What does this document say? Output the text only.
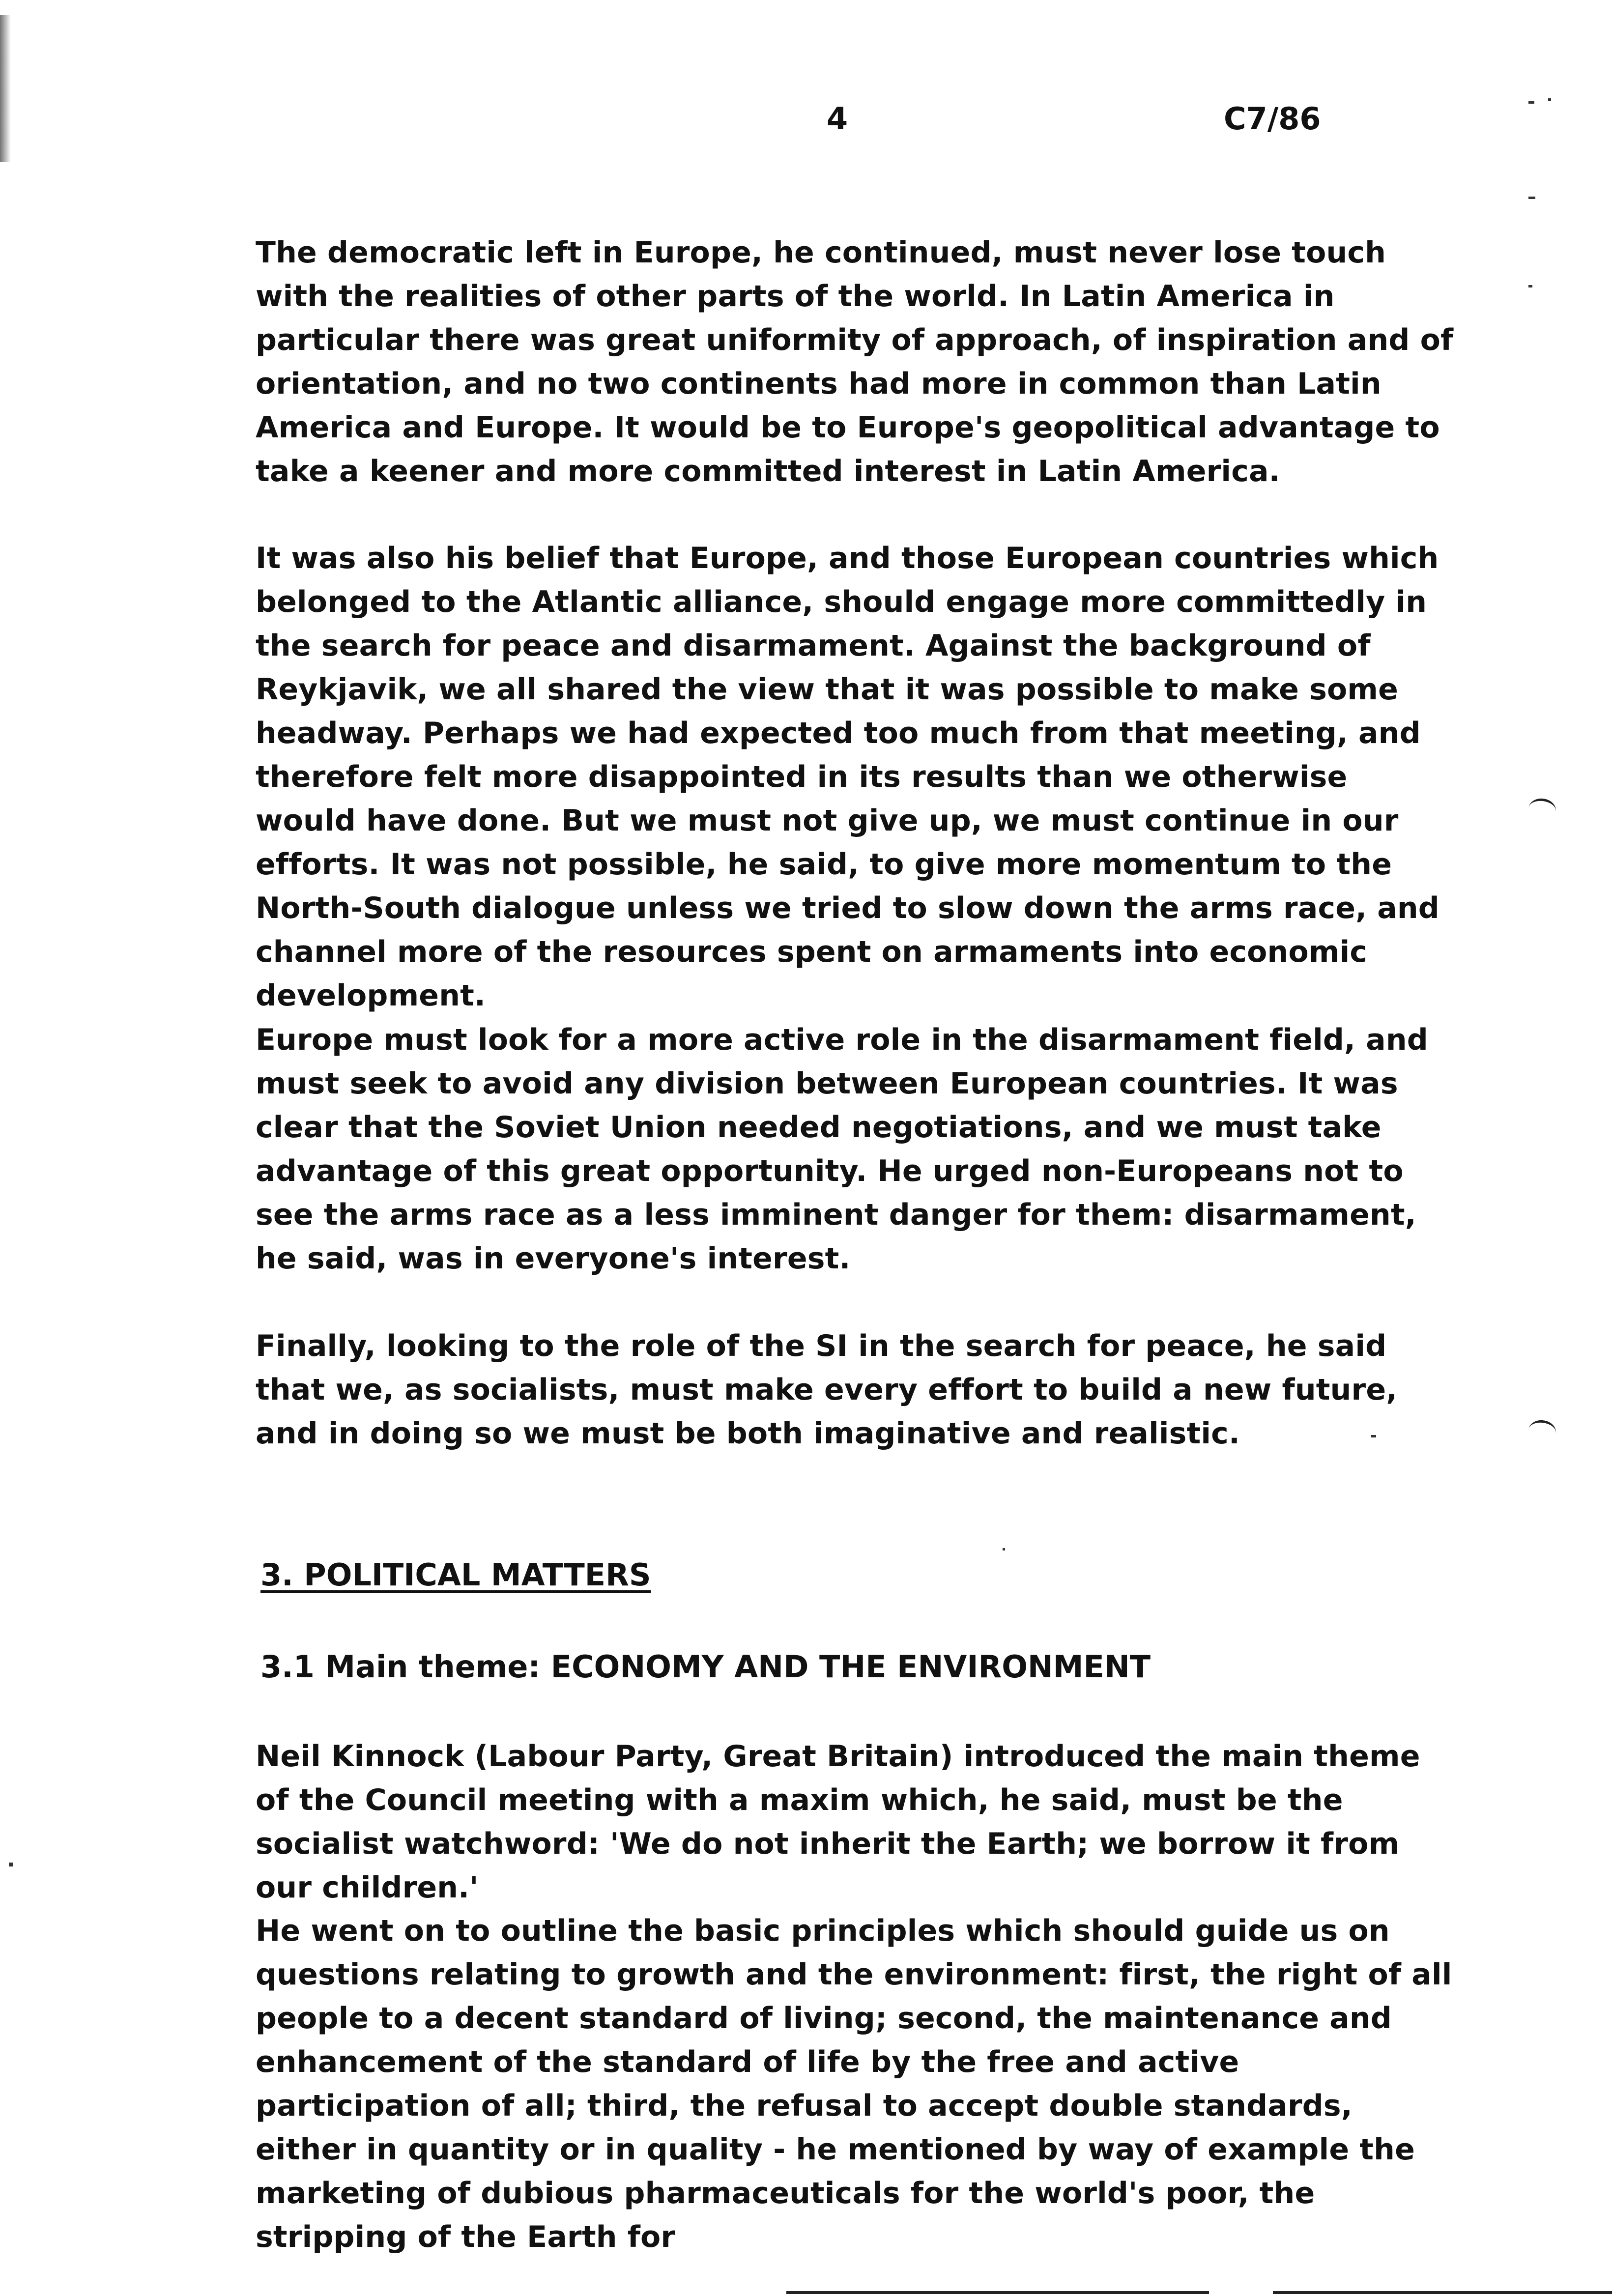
4	C7/86

The democratic left in Europe, he continued, must never lose touch with the realities of other parts of the world. In Latin America in particular there was great uniformity of approach, of inspiration and of orientation, and no two continents had more in common than Latin America and Europe. It would be to Europe's geopolitical advantage to take a keener and more committed interest in Latin America.

It was also his belief that Europe, and those European countries which belonged to the Atlantic alliance, should engage more committedly in the search for peace and disarmament. Against the background of Reykjavik, we all shared the view that it was possible to make some headway. Perhaps we had expected too much from that meeting, and therefore felt more disappointed in its results than we otherwise would have done. But we must not give up, we must continue in our efforts. It was not possible, he said, to give more momentum to the North-South dialogue unless we tried to slow down the arms race, and channel more of the resources spent on armaments into economic development.

Europe must look for a more active role in the disarmament field, and must seek to avoid any division between European countries. It was clear that the Soviet Union needed negotiations, and we must take advantage of this great opportunity. He urged non-Europeans not to see the arms race as a less imminent danger for them: disarmament, he said, was in everyone's interest.

Finally, looking to the role of the SI in the search for peace, he said that we, as socialists, must make every effort to build a new future, and in doing so we must be both imaginative and realistic.

3. POLITICAL MATTERS
3.1 Main theme: ECONOMY AND THE ENVIRONMENT

Neil Kinnock (Labour Party, Great Britain) introduced the main theme of the Council meeting with a maxim which, he said, must be the socialist watchword: 'We do not inherit the Earth; we borrow it from our children.'

He went on to outline the basic principles which should guide us on questions relating to growth and the environment: first, the right of all people to a decent standard of living; second, the maintenance and enhancement of the standard of life by the free and active participation of all; third, the refusal to accept double standards, either in quantity or in quality - he mentioned by way of example the marketing of dubious pharmaceuticals for the world's poor, the stripping of the Earth for
